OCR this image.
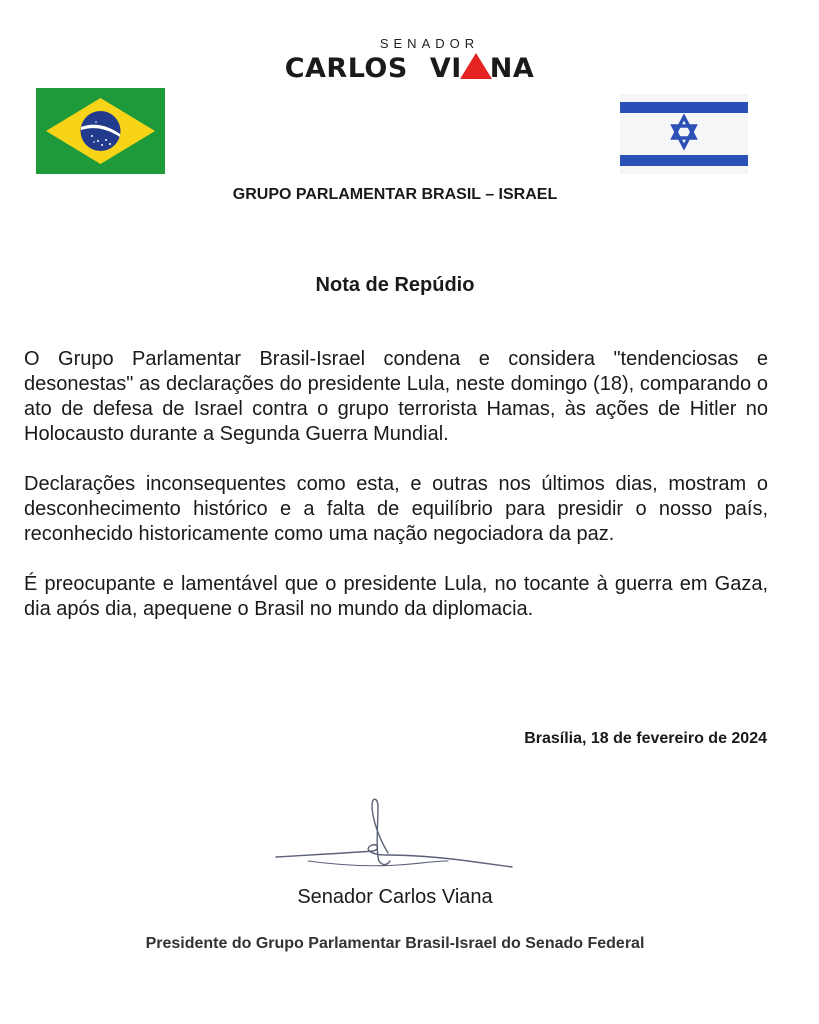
SENADOR
CARLOS VI NA
GRUPO PARLAMENTAR BRASIL – ISRAEL
Nota de Repúdio

O Grupo Parlamentar Brasil-Israel condena e considera "tendenciosas e desonestas" as declarações do presidente Lula, neste domingo (18), comparando o ato de defesa de Israel contra o grupo terrorista Hamas, às ações de Hitler no Holocausto durante a Segunda Guerra Mundial.

Declarações inconsequentes como esta, e outras nos últimos dias, mostram o desconhecimento histórico e a falta de equilíbrio para presidir o nosso país, reconhecido historicamente como uma nação negociadora da paz.

É preocupante e lamentável que o presidente Lula, no tocante à guerra em Gaza, dia após dia, apequene o Brasil no mundo da diplomacia.

Brasília, 18 de fevereiro de 2024
Senador Carlos Viana
Presidente do Grupo Parlamentar Brasil-Israel do Senado Federal
